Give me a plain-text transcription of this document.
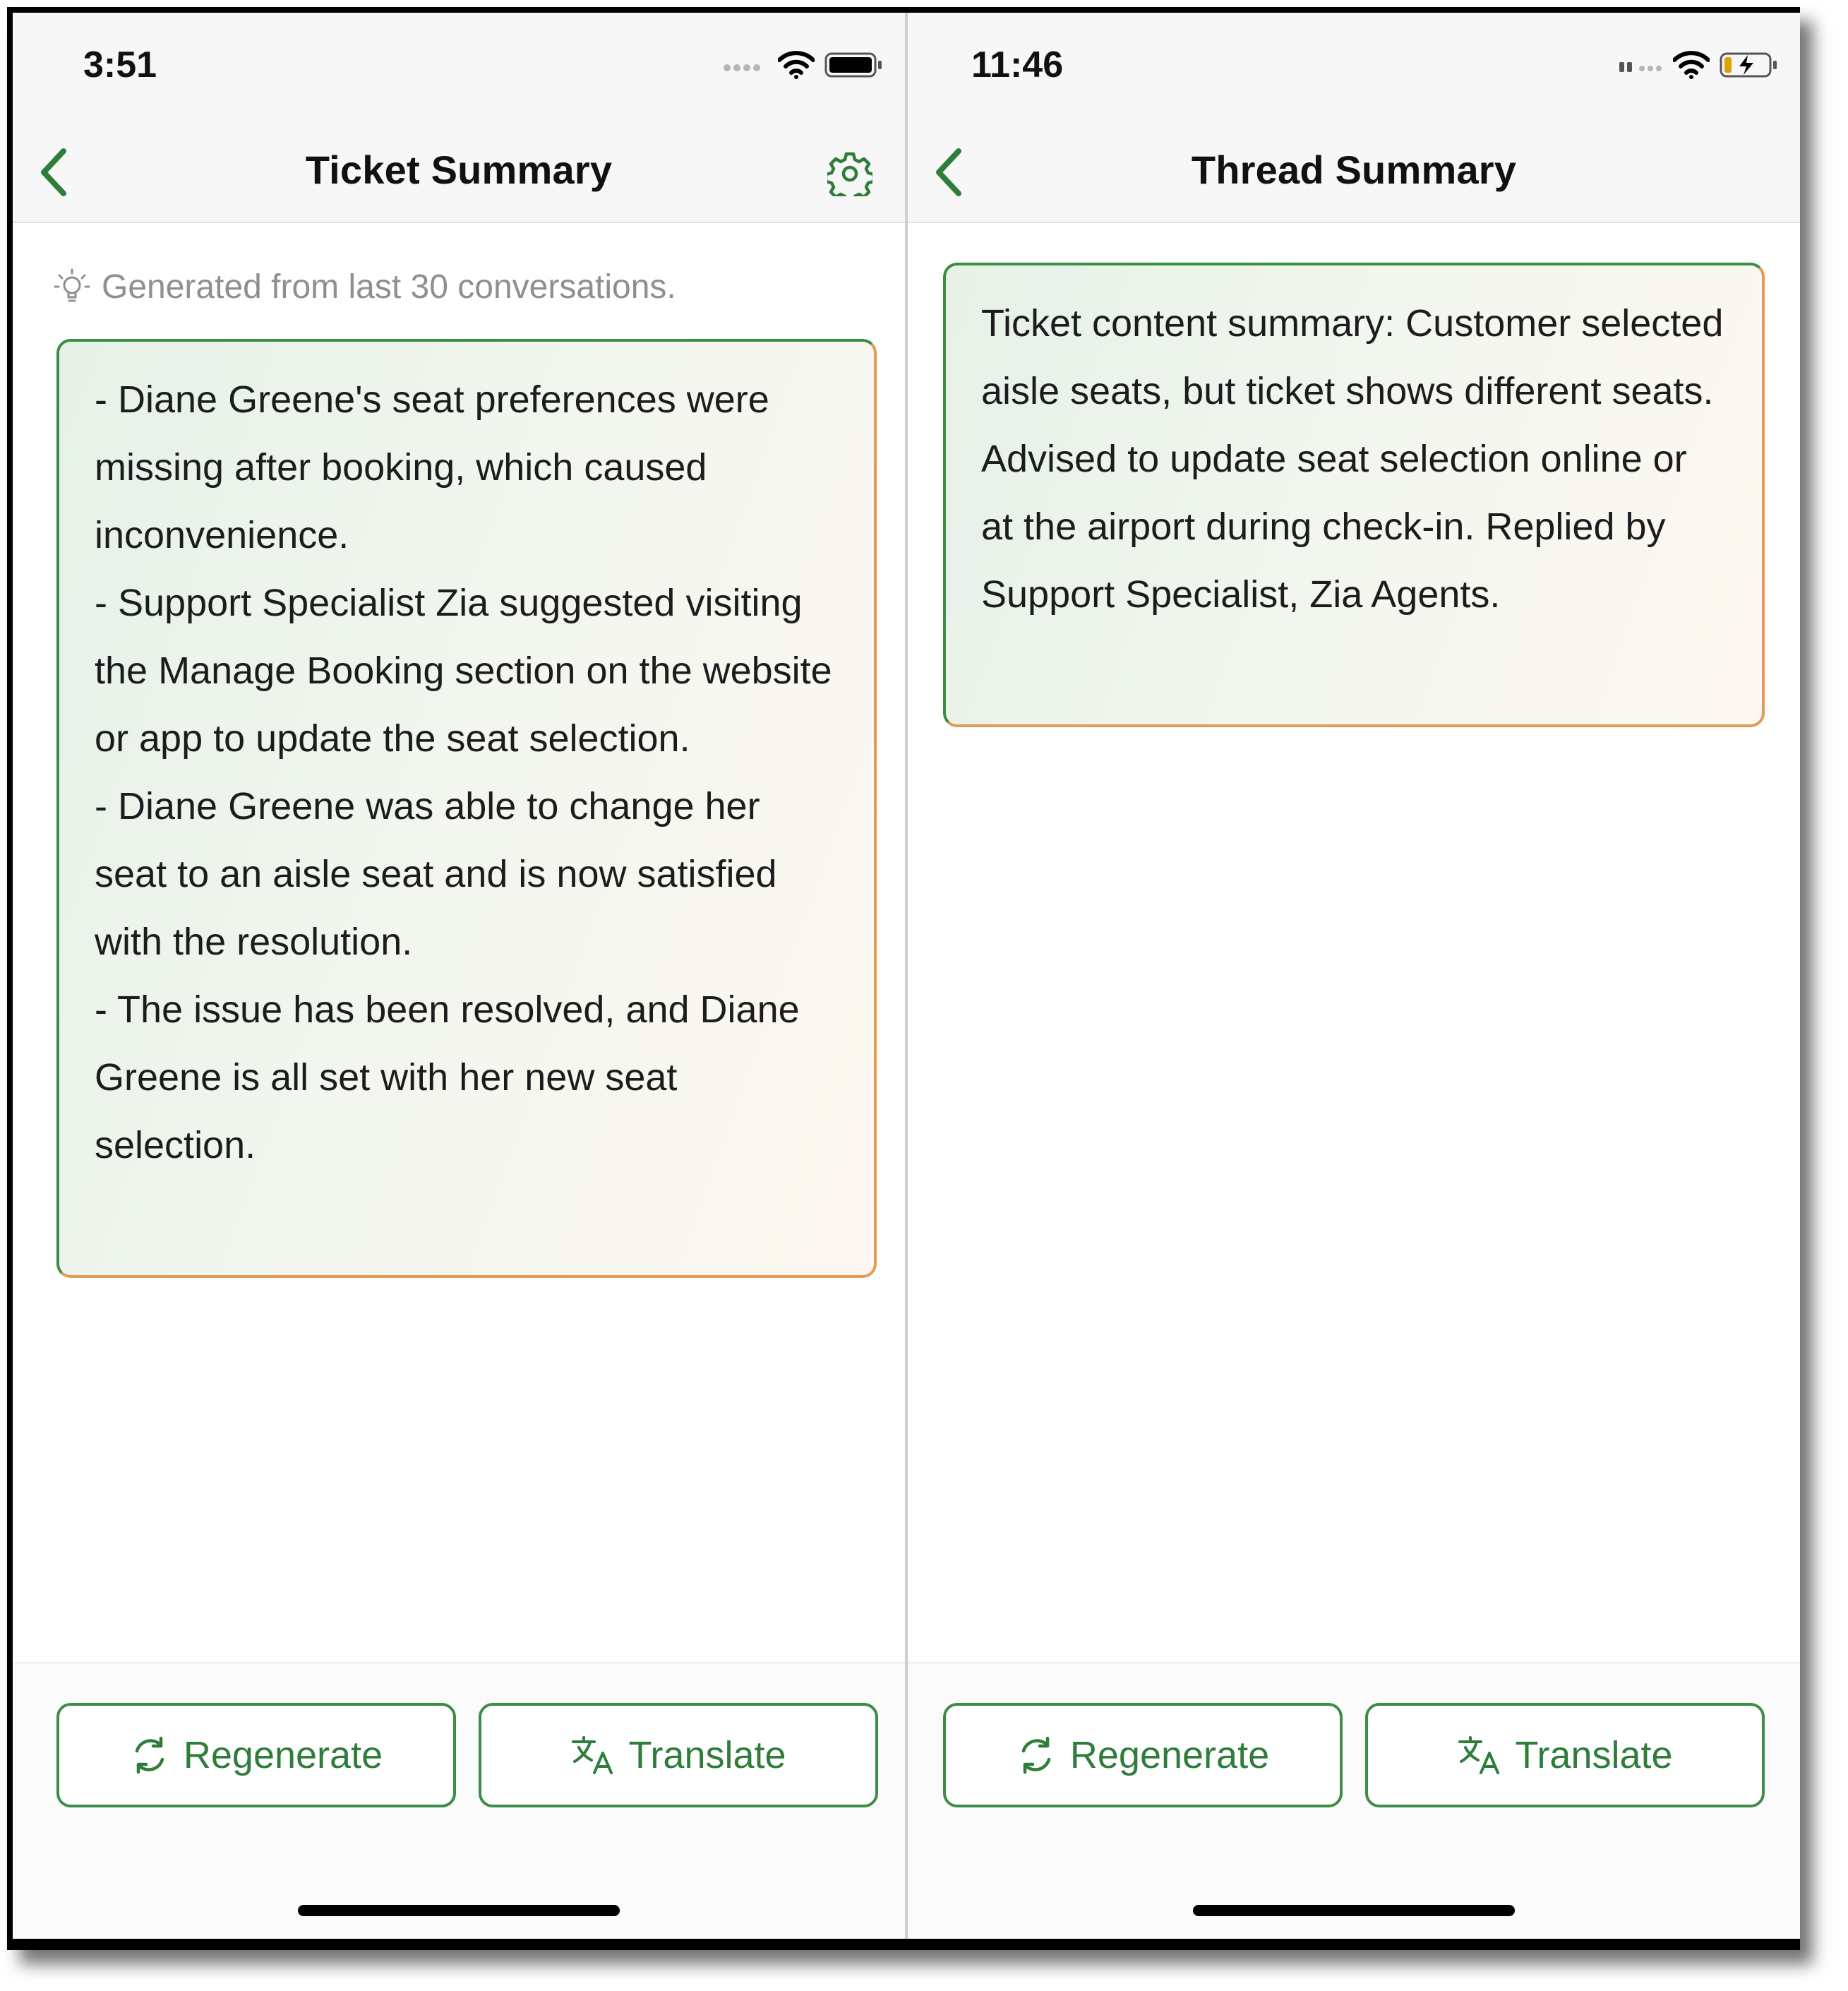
3:51
Ticket Summary
Generated from last 30 conversations.
- Diane Greene's seat preferences were missing after booking, which caused inconvenience.
- Support Specialist Zia suggested visiting the Manage Booking section on the website or app to update the seat selection.
- Diane Greene was able to change her seat to an aisle seat and is now satisfied with the resolution.
- The issue has been resolved, and Diane Greene is all set with her new seat selection.
Regenerate	Translate
11:46
Thread Summary
Ticket content summary: Customer selected aisle seats, but ticket shows different seats. Advised to update seat selection online or at the airport during check-in. Replied by Support Specialist, Zia Agents.
Regenerate	Translate
